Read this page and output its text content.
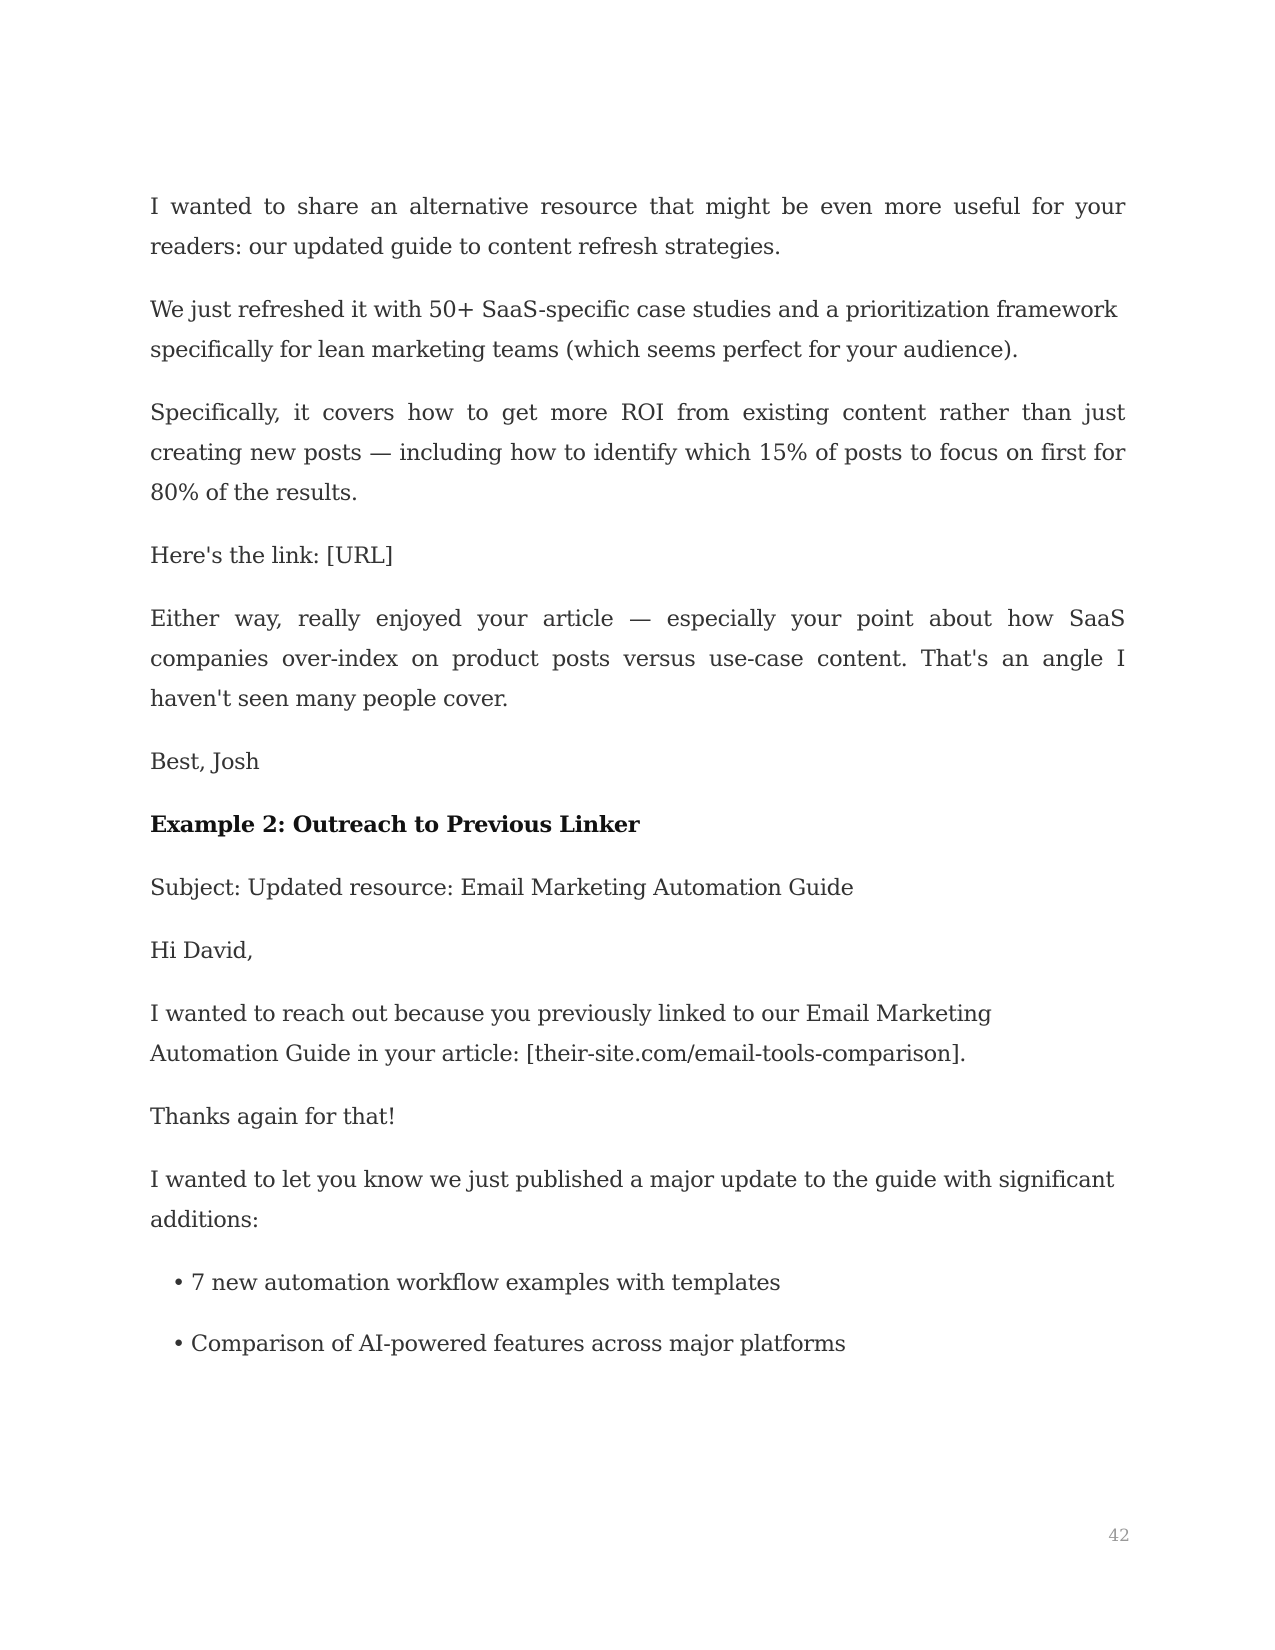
I wanted to share an alternative resource that might be even more useful for your readers: our updated guide to content refresh strategies.

We just refreshed it with 50+ SaaS-specific case studies and a prioritization framework specifically for lean marketing teams (which seems perfect for your audience).

Specifically, it covers how to get more ROI from existing content rather than just creating new posts — including how to identify which 15% of posts to focus on first for 80% of the results.

Here's the link: [URL]

Either way, really enjoyed your article — especially your point about how SaaS companies over-index on product posts versus use-case content. That's an angle I haven't seen many people cover.

Best, Josh

Example 2: Outreach to Previous Linker

Subject: Updated resource: Email Marketing Automation Guide

Hi David,

I wanted to reach out because you previously linked to our Email Marketing Automation Guide in your article: [their-site.com/email-tools-comparison].

Thanks again for that!

I wanted to let you know we just published a major update to the guide with significant additions:

• 7 new automation workflow examples with templates
• Comparison of AI-powered features across major platforms
42
